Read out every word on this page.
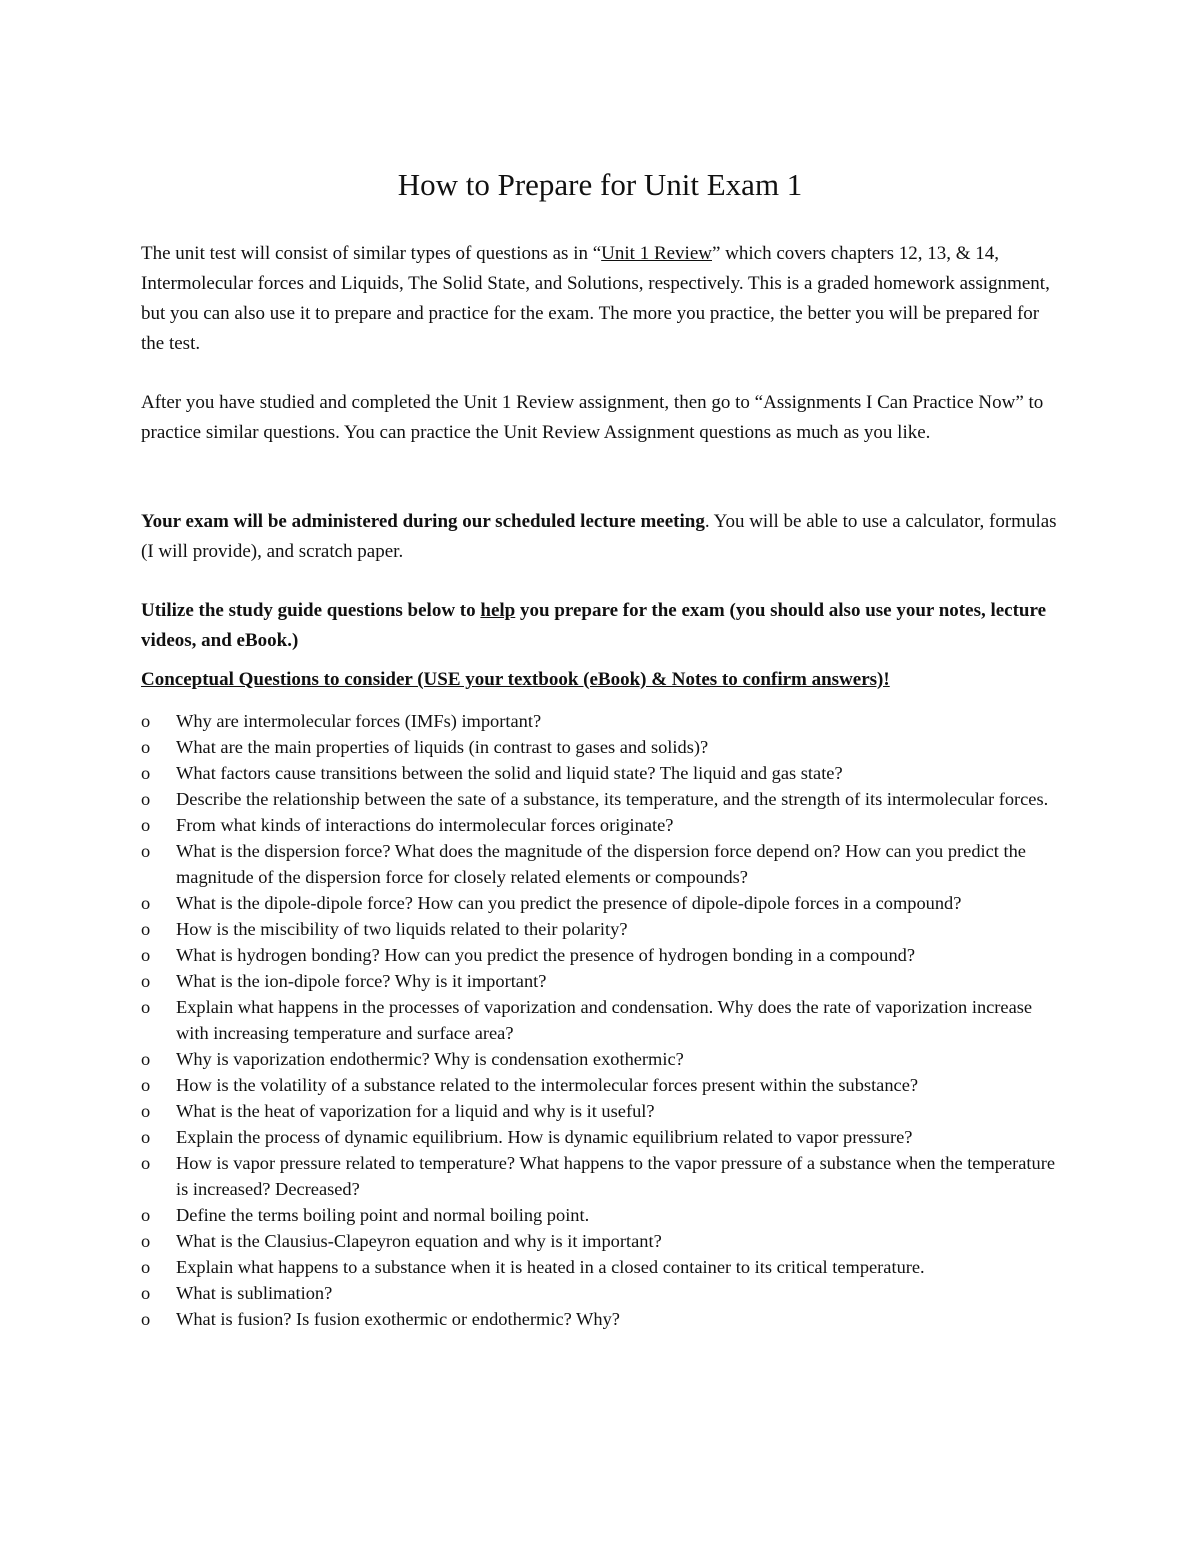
How to Prepare for Unit Exam 1

The unit test will consist of similar types of questions as in “Unit 1 Review” which covers chapters 12, 13, & 14, Intermolecular forces and Liquids, The Solid State, and Solutions, respectively. This is a graded homework assignment, but you can also use it to prepare and practice for the exam. The more you practice, the better you will be prepared for the test.

After you have studied and completed the Unit 1 Review assignment, then go to “Assignments I Can Practice Now” to practice similar questions. You can practice the Unit Review Assignment questions as much as you like.

Your exam will be administered during our scheduled lecture meeting. You will be able to use a calculator, formulas (I will provide), and scratch paper.

Utilize the study guide questions below to help you prepare for the exam (you should also use your notes, lecture videos, and eBook.)

Conceptual Questions to consider (USE your textbook (eBook) & Notes to confirm answers)!

o	Why are intermolecular forces (IMFs) important?
o	What are the main properties of liquids (in contrast to gases and solids)?
o	What factors cause transitions between the solid and liquid state? The liquid and gas state?
o	Describe the relationship between the sate of a substance, its temperature, and the strength of its intermolecular forces.
o	From what kinds of interactions do intermolecular forces originate?
o	What is the dispersion force? What does the magnitude of the dispersion force depend on? How can you predict the magnitude of the dispersion force for closely related elements or compounds?
o	What is the dipole-dipole force? How can you predict the presence of dipole-dipole forces in a compound?
o	How is the miscibility of two liquids related to their polarity?
o	What is hydrogen bonding? How can you predict the presence of hydrogen bonding in a compound?
o	What is the ion-dipole force? Why is it important?
o	Explain what happens in the processes of vaporization and condensation. Why does the rate of vaporization increase with increasing temperature and surface area?
o	Why is vaporization endothermic? Why is condensation exothermic?
o	How is the volatility of a substance related to the intermolecular forces present within the substance?
o	What is the heat of vaporization for a liquid and why is it useful?
o	Explain the process of dynamic equilibrium. How is dynamic equilibrium related to vapor pressure?
o	How is vapor pressure related to temperature? What happens to the vapor pressure of a substance when the temperature is increased? Decreased?
o	Define the terms boiling point and normal boiling point.
o	What is the Clausius-Clapeyron equation and why is it important?
o	Explain what happens to a substance when it is heated in a closed container to its critical temperature.
o	What is sublimation?
o	What is fusion? Is fusion exothermic or endothermic? Why?
